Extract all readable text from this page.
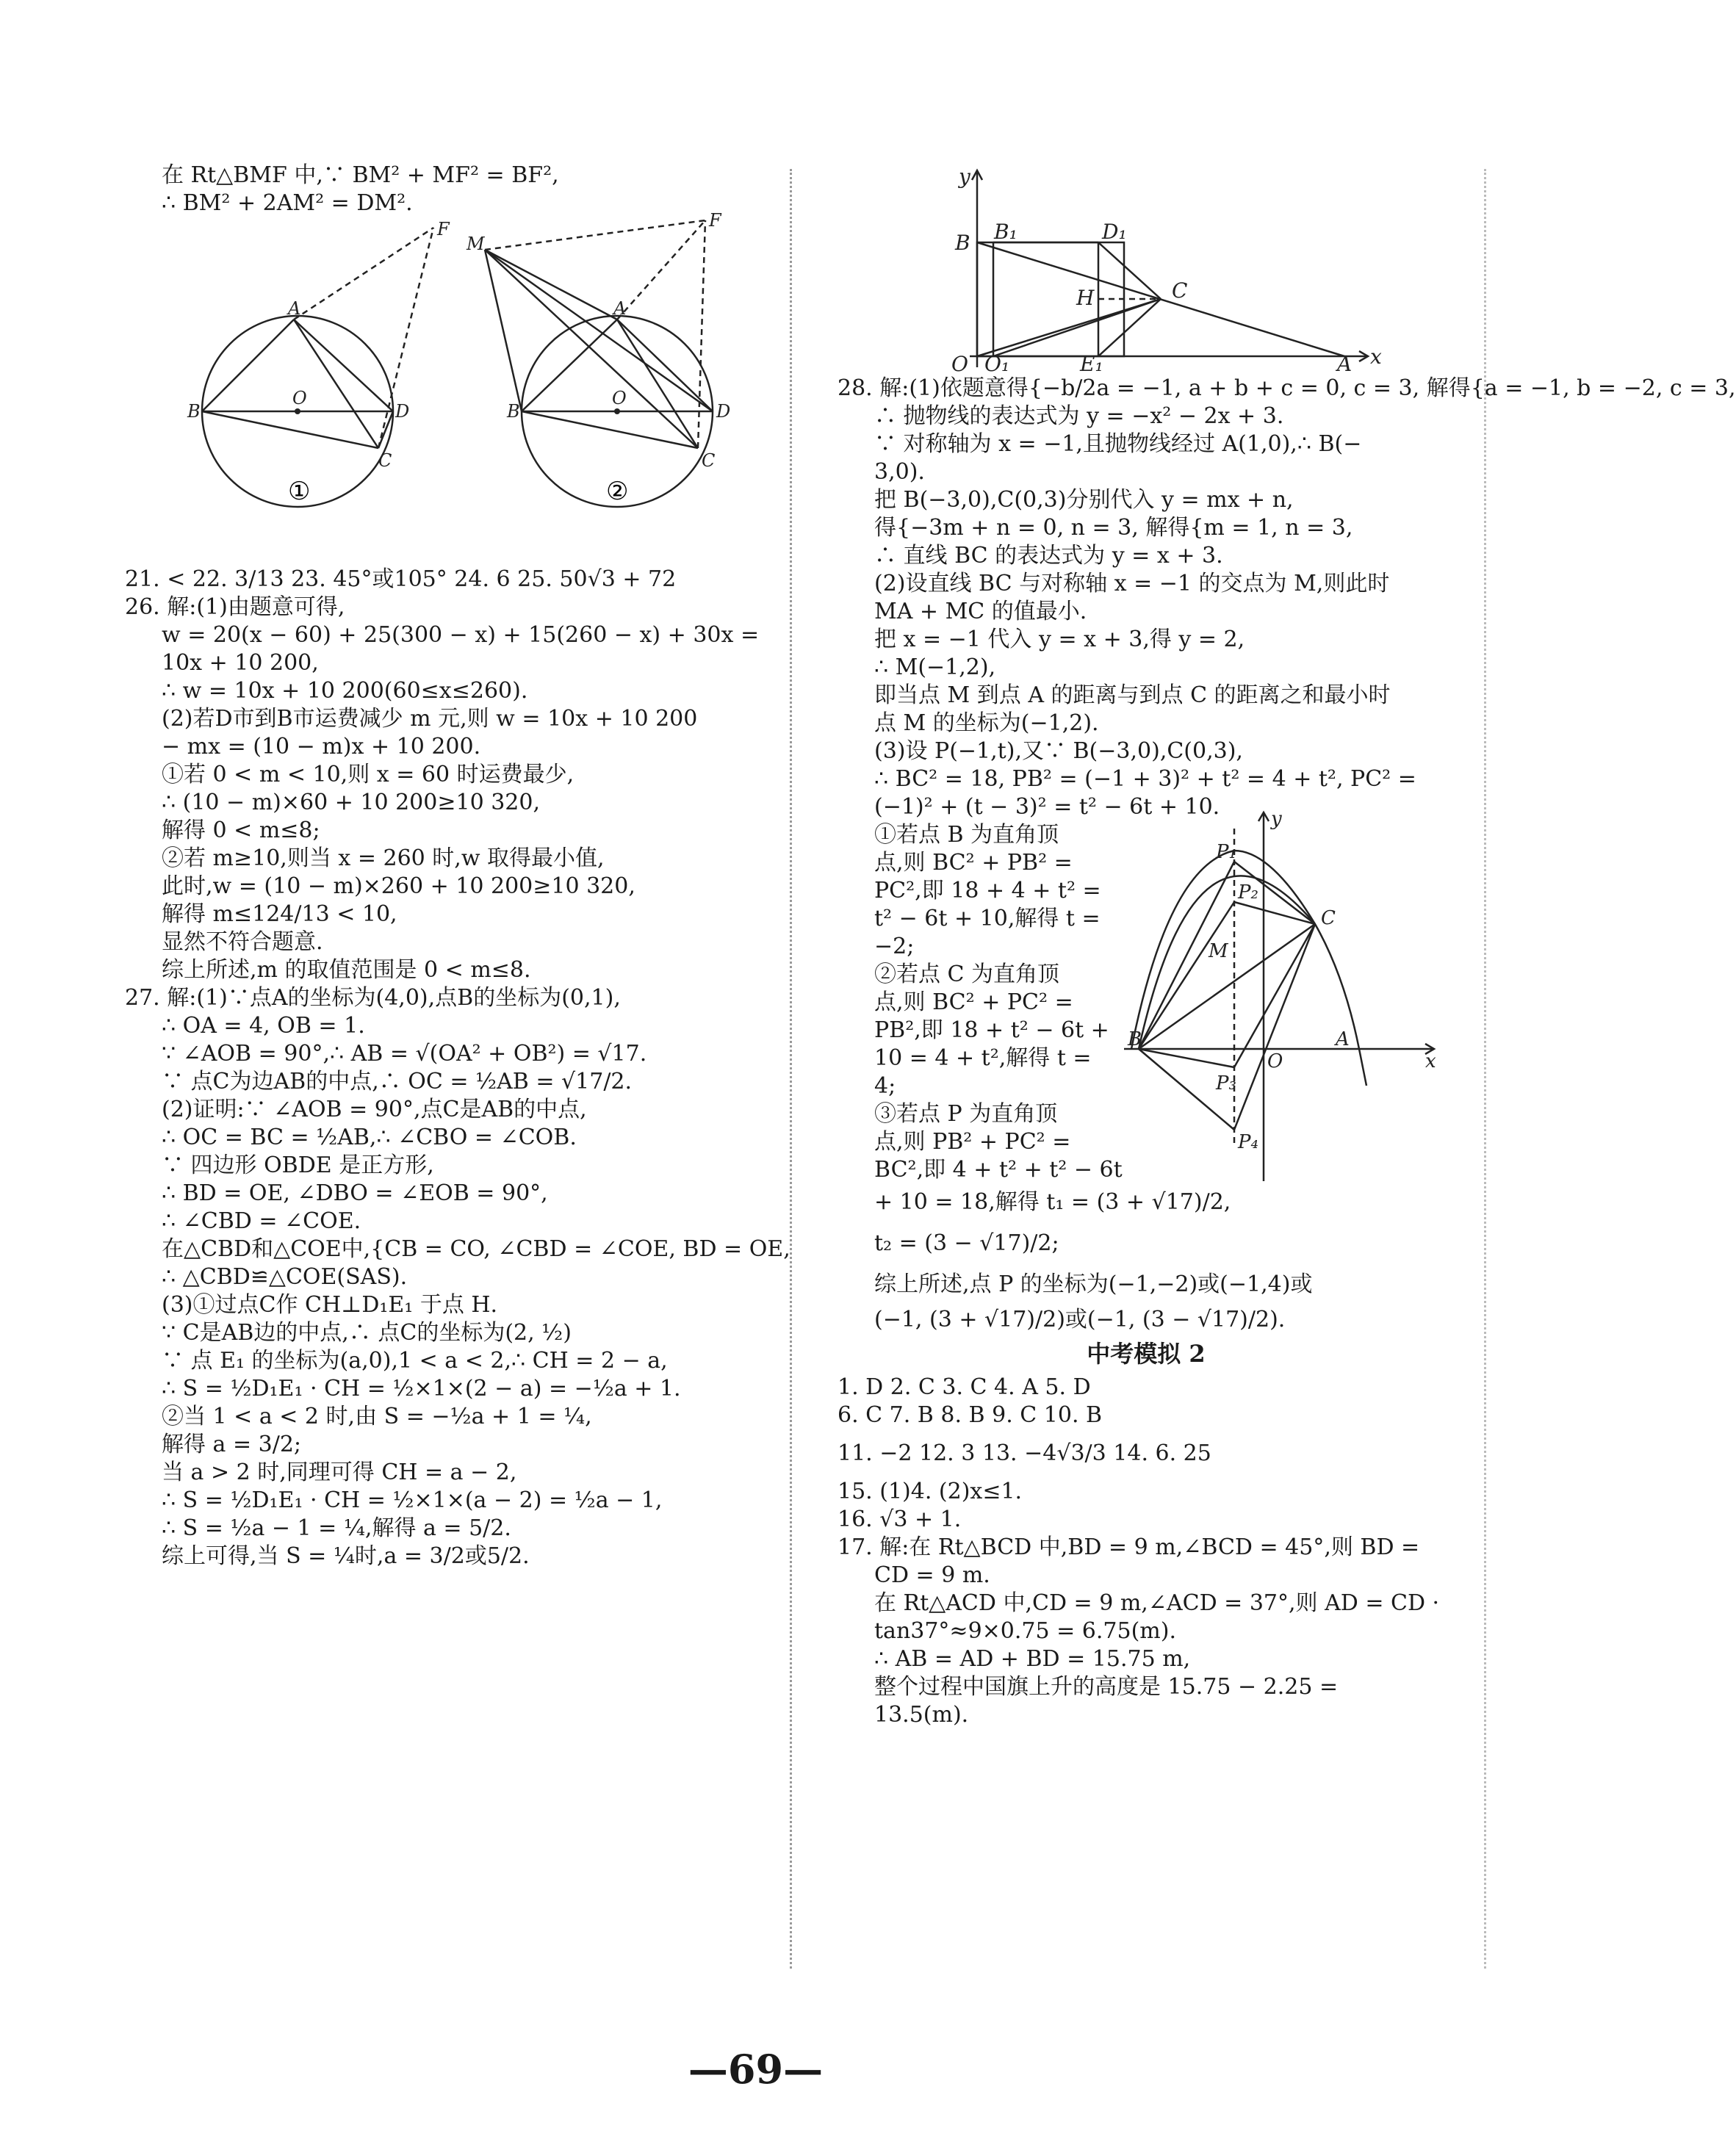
在 Rt△BMF 中,∵ BM² + MF² = BF²,
∴ BM² + 2AM² = DM².
F
A
B
O
D
C
M
F
A
B
O
D
C
①	②
21. < 22. 3/13 23. 45°或105° 24. 6 25. 50√3 + 72
26. 解:(1)由题意可得,
w = 20(x − 60) + 25(300 − x) + 15(260 − x) + 30x =
10x + 10 200,
∴ w = 10x + 10 200(60≤x≤260).
(2)若D市到B市运费减少 m 元,则 w = 10x + 10 200
− mx = (10 − m)x + 10 200.
①若 0 < m < 10,则 x = 60 时运费最少,
∴ (10 − m)×60 + 10 200≥10 320,
解得 0 < m≤8;
②若 m≥10,则当 x = 260 时,w 取得最小值,
此时,w = (10 − m)×260 + 10 200≥10 320,
解得 m≤124/13 < 10,
显然不符合题意.
综上所述,m 的取值范围是 0 < m≤8.
27. 解:(1)∵点A的坐标为(4,0),点B的坐标为(0,1),
∴ OA = 4, OB = 1.
∵ ∠AOB = 90°,∴ AB = √(OA² + OB²) = √17.
∵ 点C为边AB的中点,∴ OC = ½AB = √17/2.
(2)证明:∵ ∠AOB = 90°,点C是AB的中点,
∴ OC = BC = ½AB,∴ ∠CBO = ∠COB.
∵ 四边形 OBDE 是正方形,
∴ BD = OE, ∠DBO = ∠EOB = 90°,
∴ ∠CBD = ∠COE.
在△CBD和△COE中,{CB = CO, ∠CBD = ∠COE, BD = OE,
∴ △CBD≌△COE(SAS).
(3)①过点C作 CH⊥D₁E₁ 于点 H.
∵ C是AB边的中点,∴ 点C的坐标为(2, ½)
∵ 点 E₁ 的坐标为(a,0),1 < a < 2,∴ CH = 2 − a,
∴ S = ½D₁E₁ · CH = ½×1×(2 − a) = −½a + 1.
②当 1 < a < 2 时,由 S = −½a + 1 = ¼,
解得 a = 3/2;
当 a > 2 时,同理可得 CH = a − 2,
∴ S = ½D₁E₁ · CH = ½×1×(a − 2) = ½a − 1,
∴ S = ½a − 1 = ¼,解得 a = 5/2.
综上可得,当 S = ¼时,a = 3/2或5/2.
y
B B₁	D₁
H	C
O O₁	E₁	A x
28. 解:(1)依题意得{−b/2a = −1, a + b + c = 0, c = 3, 解得{a = −1, b = −2, c = 3,
∴ 抛物线的表达式为 y = −x² − 2x + 3.
∵ 对称轴为 x = −1,且抛物线经过 A(1,0),∴ B(−
3,0).
把 B(−3,0),C(0,3)分别代入 y = mx + n,
得{−3m + n = 0, n = 3, 解得{m = 1, n = 3,
∴ 直线 BC 的表达式为 y = x + 3.
(2)设直线 BC 与对称轴 x = −1 的交点为 M,则此时
MA + MC 的值最小.
把 x = −1 代入 y = x + 3,得 y = 2,
∴ M(−1,2),
即当点 M 到点 A 的距离与到点 C 的距离之和最小时
点 M 的坐标为(−1,2).
(3)设 P(−1,t),又∵ B(−3,0),C(0,3),
∴ BC² = 18, PB² = (−1 + 3)² + t² = 4 + t², PC² =
(−1)² + (t − 3)² = t² − 6t + 10.
①若点 B 为直角顶
点,则 BC² + PB² =
PC²,即 18 + 4 + t² =
t² − 6t + 10,解得 t =
−2;
②若点 C 为直角顶
点,则 BC² + PC² =
PB²,即 18 + t² − 6t +
10 = 4 + t²,解得 t =
4;
③若点 P 为直角顶
点,则 PB² + PC² =
BC²,即 4 + t² + t² − 6t
y
P₁
P₂
C
M
B	A
O	x
P₃
P₄
+ 10 = 18,解得 t₁ = (3 + √17)/2,
t₂ = (3 − √17)/2;
综上所述,点 P 的坐标为(−1,−2)或(−1,4)或
(−1, (3 + √17)/2)或(−1, (3 − √17)/2).
中考模拟 2
1. D 2. C 3. C 4. A 5. D
6. C 7. B 8. B 9. C 10. B
11. −2 12. 3 13. −4√3/3 14. 6. 25
15. (1)4. (2)x≤1.
16. √3 + 1.
17. 解:在 Rt△BCD 中,BD = 9 m,∠BCD = 45°,则 BD =
CD = 9 m.
在 Rt△ACD 中,CD = 9 m,∠ACD = 37°,则 AD = CD ·
tan37°≈9×0.75 = 6.75(m).
∴ AB = AD + BD = 15.75 m,
整个过程中国旗上升的高度是 15.75 − 2.25 =
13.5(m).
—69—
